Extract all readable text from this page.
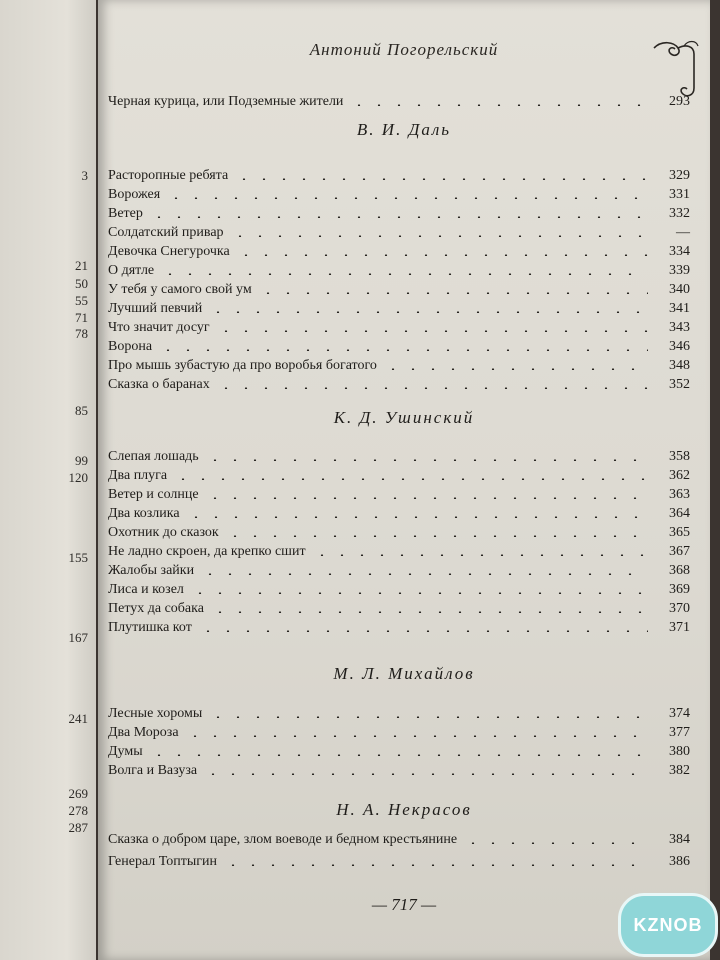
3
21
50
55
71
78
85
99
120
155
167
241
269
278
287
Антоний Погорельский
Черная курица, или Подземные жители	293
В. И. Даль
Расторопные ребята	329
Ворожея	331
Ветер	332
Солдатский привар	—
Девочка Снегурочка	334
О дятле	339
У тебя у самого свой ум	340
Лучший певчий	341
Что значит досуг	343
Ворона	346
Про мышь зубастую да про воробья богатого	348
Сказка о баранах	352
К. Д. Ушинский
Слепая лошадь	358
Два плуга	362
Ветер и солнце	363
Два козлика	364
Охотник до сказок	365
Не ладно скроен, да крепко сшит	367
Жалобы зайки	368
Лиса и козел	369
Петух да собака	370
Плутишка кот	371
М. Л. Михайлов
Лесные хоромы	374
Два Мороза	377
Думы	380
Волга и Вазуза	382
Н. А. Некрасов
Сказка о добром царе, злом воеводе и бедном крестьянине	384
Генерал Топтыгин	386
— 717 —
KZNOB
